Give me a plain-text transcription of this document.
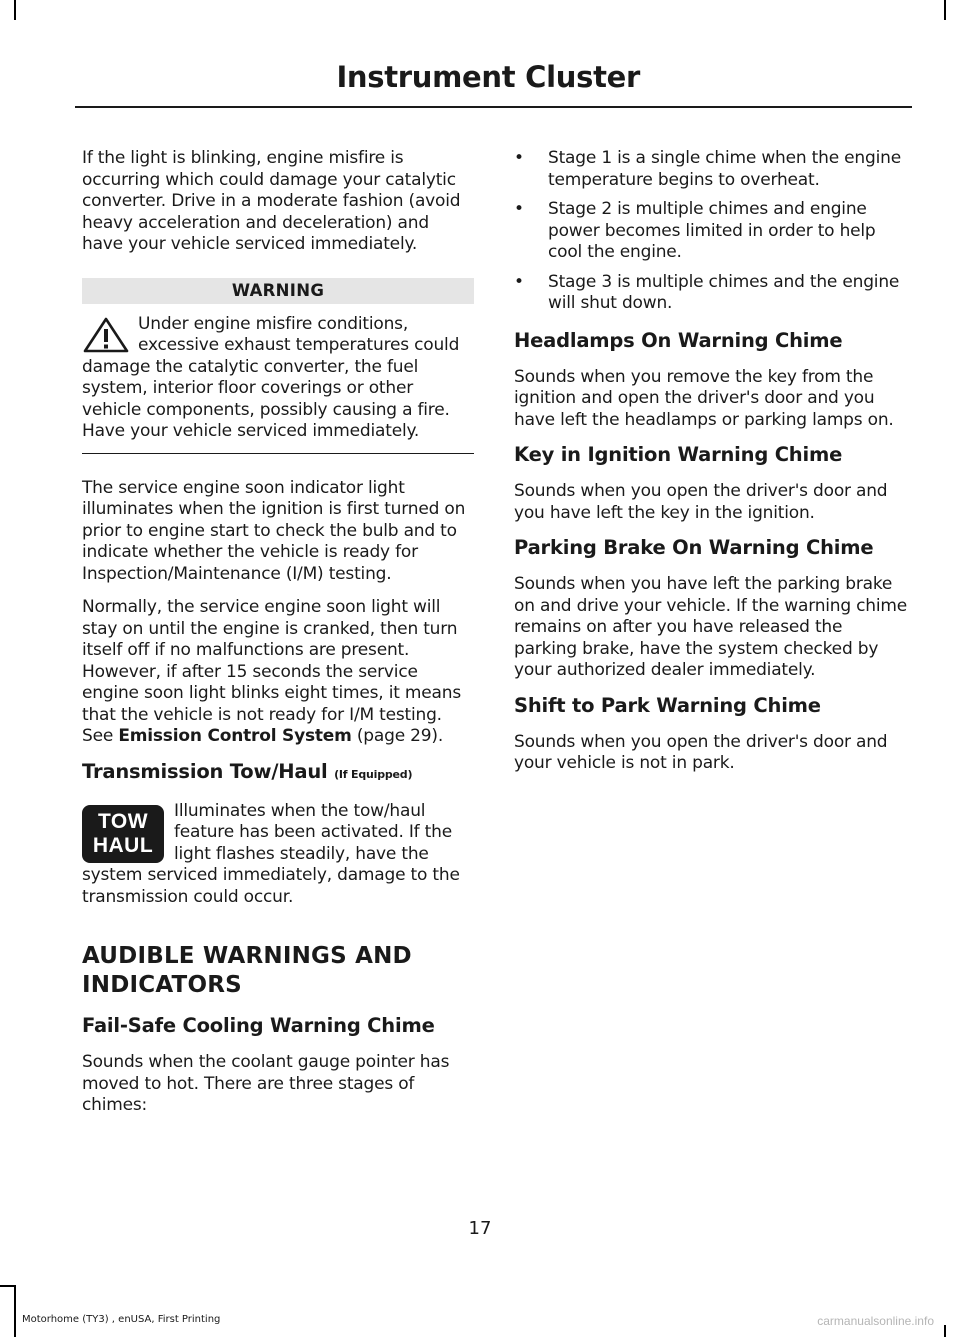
Instrument Cluster

If the light is blinking, engine misfire is occurring which could damage your catalytic converter. Drive in a moderate fashion (avoid heavy acceleration and deceleration) and have your vehicle serviced immediately.

WARNING

Under engine misfire conditions, excessive exhaust temperatures could damage the catalytic converter, the fuel system, interior floor coverings or other vehicle components, possibly causing a fire. Have your vehicle serviced immediately.

The service engine soon indicator light illuminates when the ignition is first turned on prior to engine start to check the bulb and to indicate whether the vehicle is ready for Inspection/Maintenance (I/M) testing.

Normally, the service engine soon light will stay on until the engine is cranked, then turn itself off if no malfunctions are present. However, if after 15 seconds the service engine soon light blinks eight times, it means that the vehicle is not ready for I/M testing. See Emission Control System (page 29).

Transmission Tow/Haul (If Equipped)
TOW
HAUL

Illuminates when the tow/haul feature has been activated. If the light flashes steadily, have the system serviced immediately, damage to the transmission could occur.

AUDIBLE WARNINGS AND
INDICATORS
Fail-Safe Cooling Warning Chime

Sounds when the coolant gauge pointer has moved to hot. There are three stages of chimes:

• Stage 1 is a single chime when the engine temperature begins to overheat.
• Stage 2 is multiple chimes and engine power becomes limited in order to help cool the engine.
• Stage 3 is multiple chimes and the engine will shut down.
Headlamps On Warning Chime

Sounds when you remove the key from the ignition and open the driver's door and you have left the headlamps or parking lamps on.

Key in Ignition Warning Chime

Sounds when you open the driver's door and you have left the key in the ignition.

Parking Brake On Warning Chime

Sounds when you have left the parking brake on and drive your vehicle. If the warning chime remains on after you have released the parking brake, have the system checked by your authorized dealer immediately.

Shift to Park Warning Chime

Sounds when you open the driver's door and your vehicle is not in park.

17
Motorhome (TY3) , enUSA, First Printing	carmanualsonline.info
